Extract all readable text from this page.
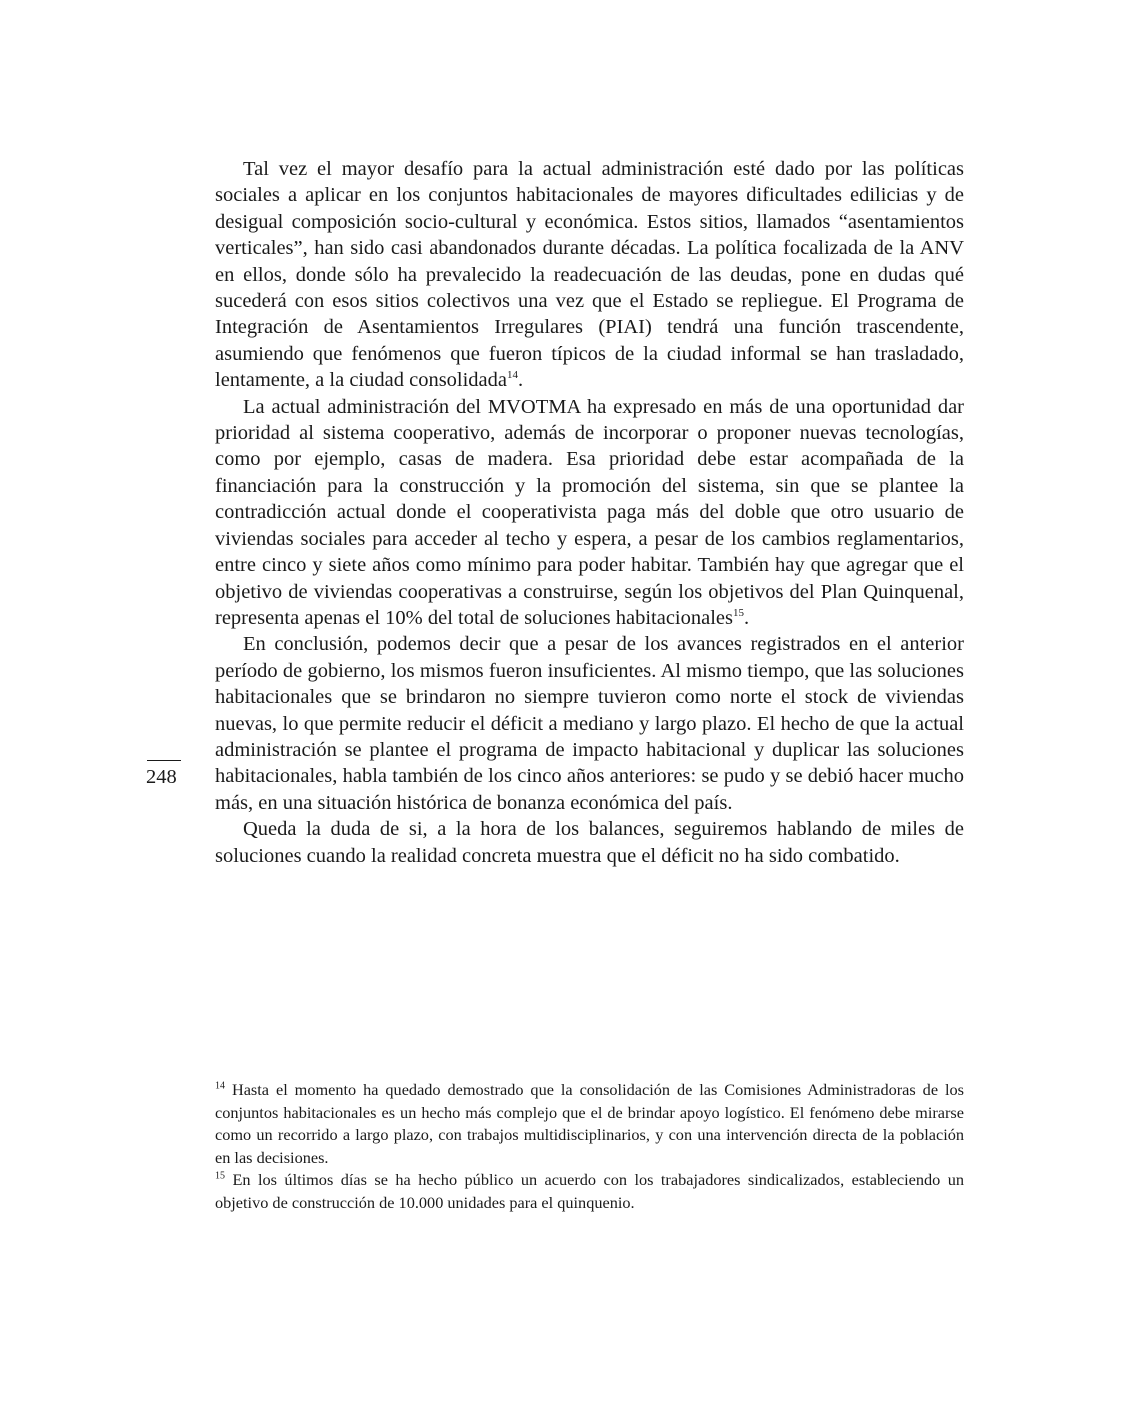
Tal vez el mayor desafío para la actual administración esté dado por las políticas sociales a aplicar en los conjuntos habitacionales de mayores dificultades edilicias y de desigual composición socio-cultural y económica. Estos sitios, llamados “asentamientos verticales”, han sido casi abandonados durante décadas. La política focalizada de la ANV en ellos, donde sólo ha prevalecido la readecuación de las deudas, pone en dudas qué sucederá con esos sitios colectivos una vez que el Estado se repliegue. El Programa de Integración de Asentamientos Irregulares (PIAI) tendrá una función trascendente, asumiendo que fenómenos que fueron típicos de la ciudad informal se han trasladado, lentamente, a la ciudad consolidada$^{14}$.

La actual administración del MVOTMA ha expresado en más de una oportunidad dar prioridad al sistema cooperativo, además de incorporar o proponer nuevas tecnologías, como por ejemplo, casas de madera. Esa prioridad debe estar acompañada de la financiación para la construcción y la promoción del sistema, sin que se plantee la contradicción actual donde el cooperativista paga más del doble que otro usuario de viviendas sociales para acceder al techo y espera, a pesar de los cambios reglamentarios, entre cinco y siete años como mínimo para poder habitar. También hay que agregar que el objetivo de viviendas cooperativas a construirse, según los objetivos del Plan Quinquenal, representa apenas el 10% del total de soluciones habitacionales$^{15}$.

En conclusión, podemos decir que a pesar de los avances registrados en el anterior período de gobierno, los mismos fueron insuficientes. Al mismo tiempo, que las soluciones habitacionales que se brindaron no siempre tuvieron como norte el stock de viviendas nuevas, lo que permite reducir el déficit a mediano y largo plazo. El hecho de que la actual administración se plantee el programa de impacto habitacional y duplicar las soluciones habitacionales, habla también de los cinco años anteriores: se pudo y se debió hacer mucho más, en una situación histórica de bonanza económica del país.

Queda la duda de si, a la hora de los balances, seguiremos hablando de miles de soluciones cuando la realidad concreta muestra que el déficit no ha sido combatido.

248

$^{14}$ Hasta el momento ha quedado demostrado que la consolidación de las Comisiones Administradoras de los conjuntos habitacionales es un hecho más complejo que el de brindar apoyo logístico. El fenómeno debe mirarse como un recorrido a largo plazo, con trabajos multidisciplinarios, y con una intervención directa de la población en las decisiones.

$^{15}$ En los últimos días se ha hecho público un acuerdo con los trabajadores sindicalizados, estableciendo un objetivo de construcción de 10.000 unidades para el quinquenio.
